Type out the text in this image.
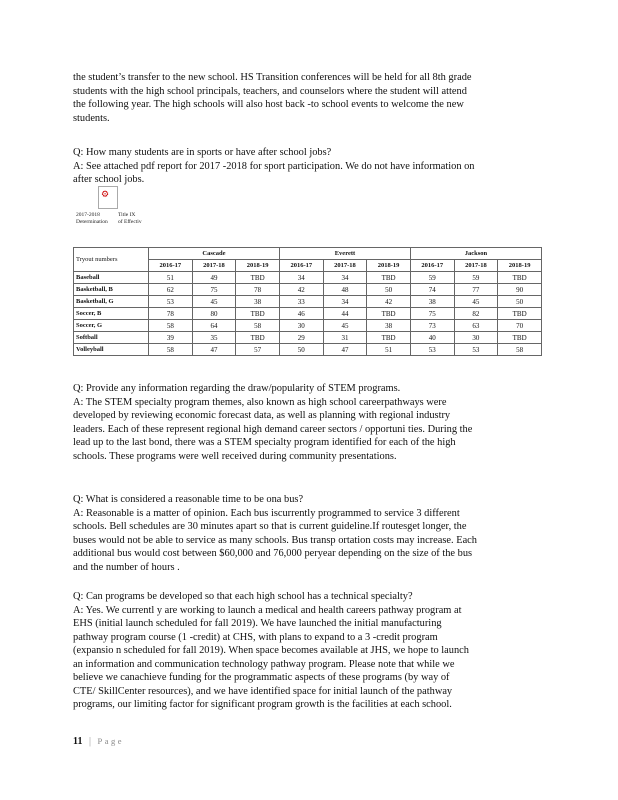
the student’s transfer to the new school. HS Transition conferences will be held for all 8th grade
students with the high school principals, teachers, and counselors where the student will attend
the following year. The high schools will also host back -to school events to welcome the new
students.
Q: How many students are in sports or have after school jobs?
A: See attached pdf report for 2017 -2018 for sport participation. We do not have information on
after school jobs.
⚙
2017-2018
Determination
Title IX
of Effectiv
Tryout numbers	Cascade			Everett			Jackson		
	2016-17	2017-18	2018-19	2016-17	2017-18	2018-19	2016-17	2017-18	2018-19
Baseball	51	49	TBD	34	34	TBD	59	59	TBD
Basketball, B	62	75	78	42	48	50	74	77	90
Basketball, G	53	45	38	33	34	42	38	45	50
Soccer, B	78	80	TBD	46	44	TBD	75	82	TBD
Soccer, G	58	64	58	30	45	38	73	63	70
Softball	39	35	TBD	29	31	TBD	40	30	TBD
Volleyball	58	47	57	50	47	51	53	53	58
Q: Provide any information regarding the draw/popularity of STEM programs.
A: The STEM specialty program themes, also known as high school careerpathways were
developed by reviewing economic forecast data, as well as planning with regional industry
leaders. Each of these represent regional high demand career sectors / opportuni ties. During the
lead up to the last bond, there was a STEM specialty program identified for each of the high
schools. These programs were well received during community presentations.
Q: What is considered a reasonable time to be ona bus?
A: Reasonable is a matter of opinion. Each bus iscurrently programmed to service 3 different
schools. Bell schedules are 30 minutes apart so that is current guideline.If routesget longer, the
buses would not be able to service as many schools. Bus transp ortation costs may increase. Each
additional bus would cost between $60,000 and 76,000 peryear depending on the size of the bus
and the number of hours .
Q: Can programs be developed so that each high school has a technical specialty?
A: Yes. We currentl y are working to launch a medical and health careers pathway program at
EHS (initial launch scheduled for fall 2019). We have launched the initial manufacturing
pathway program course (1 -credit) at CHS, with plans to expand to a 3 -credit program
(expansio n scheduled for fall 2019). When space becomes available at JHS, we hope to launch
an information and communication technology pathway program. Please note that while we
believe we canachieve funding for the programmatic aspects of these programs (by way of
CTE/ SkillCenter resources), and we have identified space for initial launch of the pathway
programs, our limiting factor for significant program growth is the facilities at each school.
11 | Page
